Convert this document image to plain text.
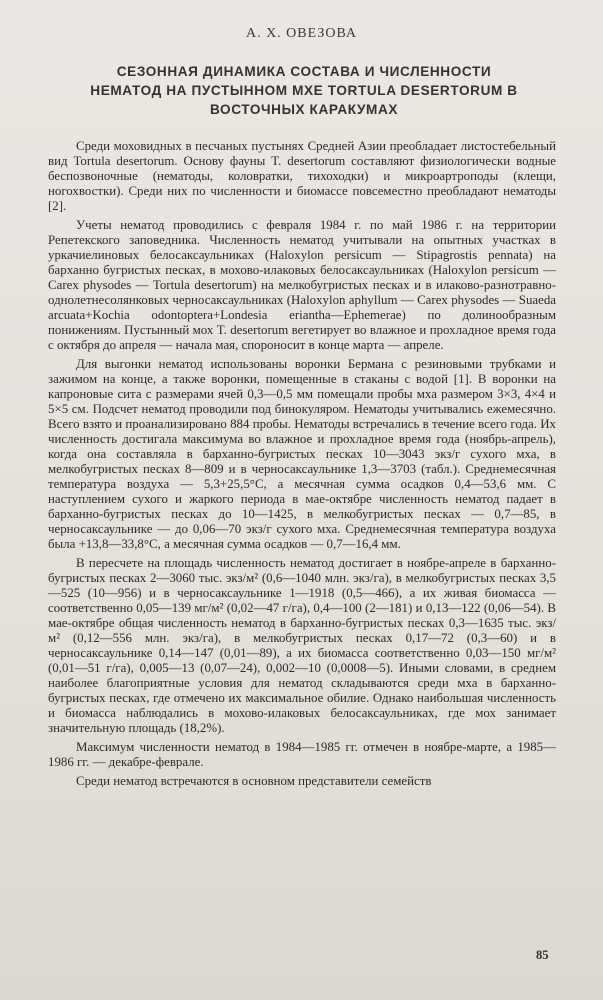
А. Х. ОВЕЗОВА
СЕЗОННАЯ ДИНАМИКА СОСТАВА И ЧИСЛЕННОСТИ НЕМАТОД НА ПУСТЫННОМ МХЕ TORTULA DESERTORUM В ВОСТОЧНЫХ КАРАКУМАХ

Среди моховидных в песчаных пустынях Средней Азии преобладает листостебельный вид Tortula desertorum. Основу фауны T. desertorum составляют физиологически водные беспозвоночные (нематоды, коловратки, тихоходки) и микроартроподы (клещи, ногохвостки). Среди них по численности и биомассе повсеместно преобладают нематоды [2].

Учеты нематод проводились с февраля 1984 г. по май 1986 г. на территории Репетекского заповедника. Численность нематод учитывали на опытных участках в уркачиелиновых белосаксаульниках (Haloxylon persicum — Stipagrostis pennata) на барханно бугристых песках, в мохово-илаковых белосаксаульниках (Haloxylon persicum — Carex physodes — Tortula desertorum) на мелкобугристых песках и в илаково-разнотравно-однолетнесолянковых черносаксаульниках (Haloxylon aphyllum — Carex physodes — Suaeda arcuata+Kochia odontoptera+Londesia eriantha—Ephemerae) по долинообразным понижениям. Пустынный мох T. desertorum вегетирует во влажное и прохладное время года с октября до апреля — начала мая, спороносит в конце марта — апреле.

Для выгонки нематод использованы воронки Бермана с резиновыми трубками и зажимом на конце, а также воронки, помещенные в стаканы с водой [1]. В воронки на капроновые сита с размерами ячей 0,3—0,5 мм помещали пробы мха размером 3×3, 4×4 и 5×5 см. Подсчет нематод проводили под бинокуляром. Нематоды учитывались ежемесячно. Всего взято и проанализировано 884 пробы. Нематоды встречались в течение всего года. Их численность достигала максимума во влажное и прохладное время года (ноябрь-апрель), когда она составляла в барханно-бугристых песках 10—3043 экз/г сухого мха, в мелкобугристых песках 8—809 и в черносаксаульнике 1,3—3703 (табл.). Среднемесячная температура воздуха — 5,3+25,5°С, а месячная сумма осадков 0,4—53,6 мм. С наступлением сухого и жаркого периода в мае-октябре численность нематод падает в барханно-бугристых песках до 10—1425, в мелкобугристых песках — 0,7—85, в черносаксаульнике — до 0,06—70 экз/г сухого мха. Среднемесячная температура воздуха была +13,8—33,8°С, а месячная сумма осадков — 0,7—16,4 мм.

В пересчете на площадь численность нематод достигает в ноябре-апреле в барханно-бугристых песках 2—3060 тыс. экз/м² (0,6—1040 млн. экз/га), в мелкобугристых песках 3,5—525 (10—956) и в черносаксаульнике 1—1918 (0,5—466), а их живая биомасса — соответственно 0,05—139 мг/м² (0,02—47 г/га), 0,4—100 (2—181) и 0,13—122 (0,06—54). В мае-октябре общая численность нематод в барханно-бугристых песках 0,3—1635 тыс. экз/м² (0,12—556 млн. экз/га), в мелкобугристых песках 0,17—72 (0,3—60) и в черносаксаульнике 0,14—147 (0,01—89), а их биомасса соответственно 0,03—150 мг/м² (0,01—51 г/га), 0,005—13 (0,07—24), 0,002—10 (0,0008—5). Иными словами, в среднем наиболее благоприятные условия для нематод складываются среди мха в барханно-бугристых песках, где отмечено их максимальное обилие. Однако наибольшая численность и биомасса наблюдались в мохово-илаковых белосаксаульниках, где мох занимает значительную площадь (18,2%).

Максимум численности нематод в 1984—1985 гг. отмечен в ноябре-марте, а 1985—1986 гг. — декабре-феврале.

Среди нематод встречаются в основном представители семейств

85
